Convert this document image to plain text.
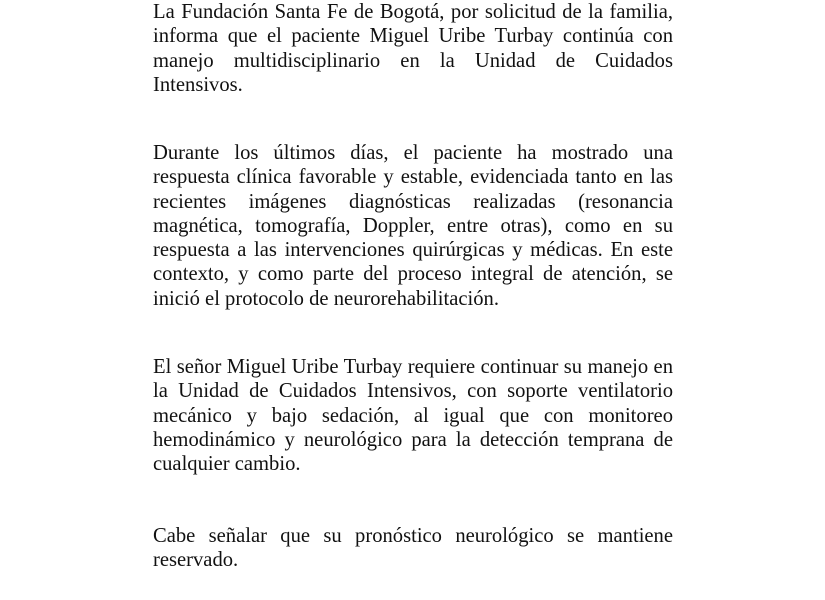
La Fundación Santa Fe de Bogotá, por solicitud de la familia, informa que el paciente Miguel Uribe Turbay continúa con manejo multidisciplinario en la Unidad de Cuidados Intensivos.

Durante los últimos días, el paciente ha mostrado una respuesta clínica favorable y estable, evidenciada tanto en las recientes imágenes diagnósticas realizadas (resonancia magnética, tomografía, Doppler, entre otras), como en su respuesta a las intervenciones quirúrgicas y médicas. En este contexto, y como parte del proceso integral de atención, se inició el protocolo de neurorehabilitación.

El señor Miguel Uribe Turbay requiere continuar su manejo en la Unidad de Cuidados Intensivos, con soporte ventilatorio mecánico y bajo sedación, al igual que con monitoreo hemodinámico y neurológico para la detección temprana de cualquier cambio.

Cabe señalar que su pronóstico neurológico se mantiene reservado.
